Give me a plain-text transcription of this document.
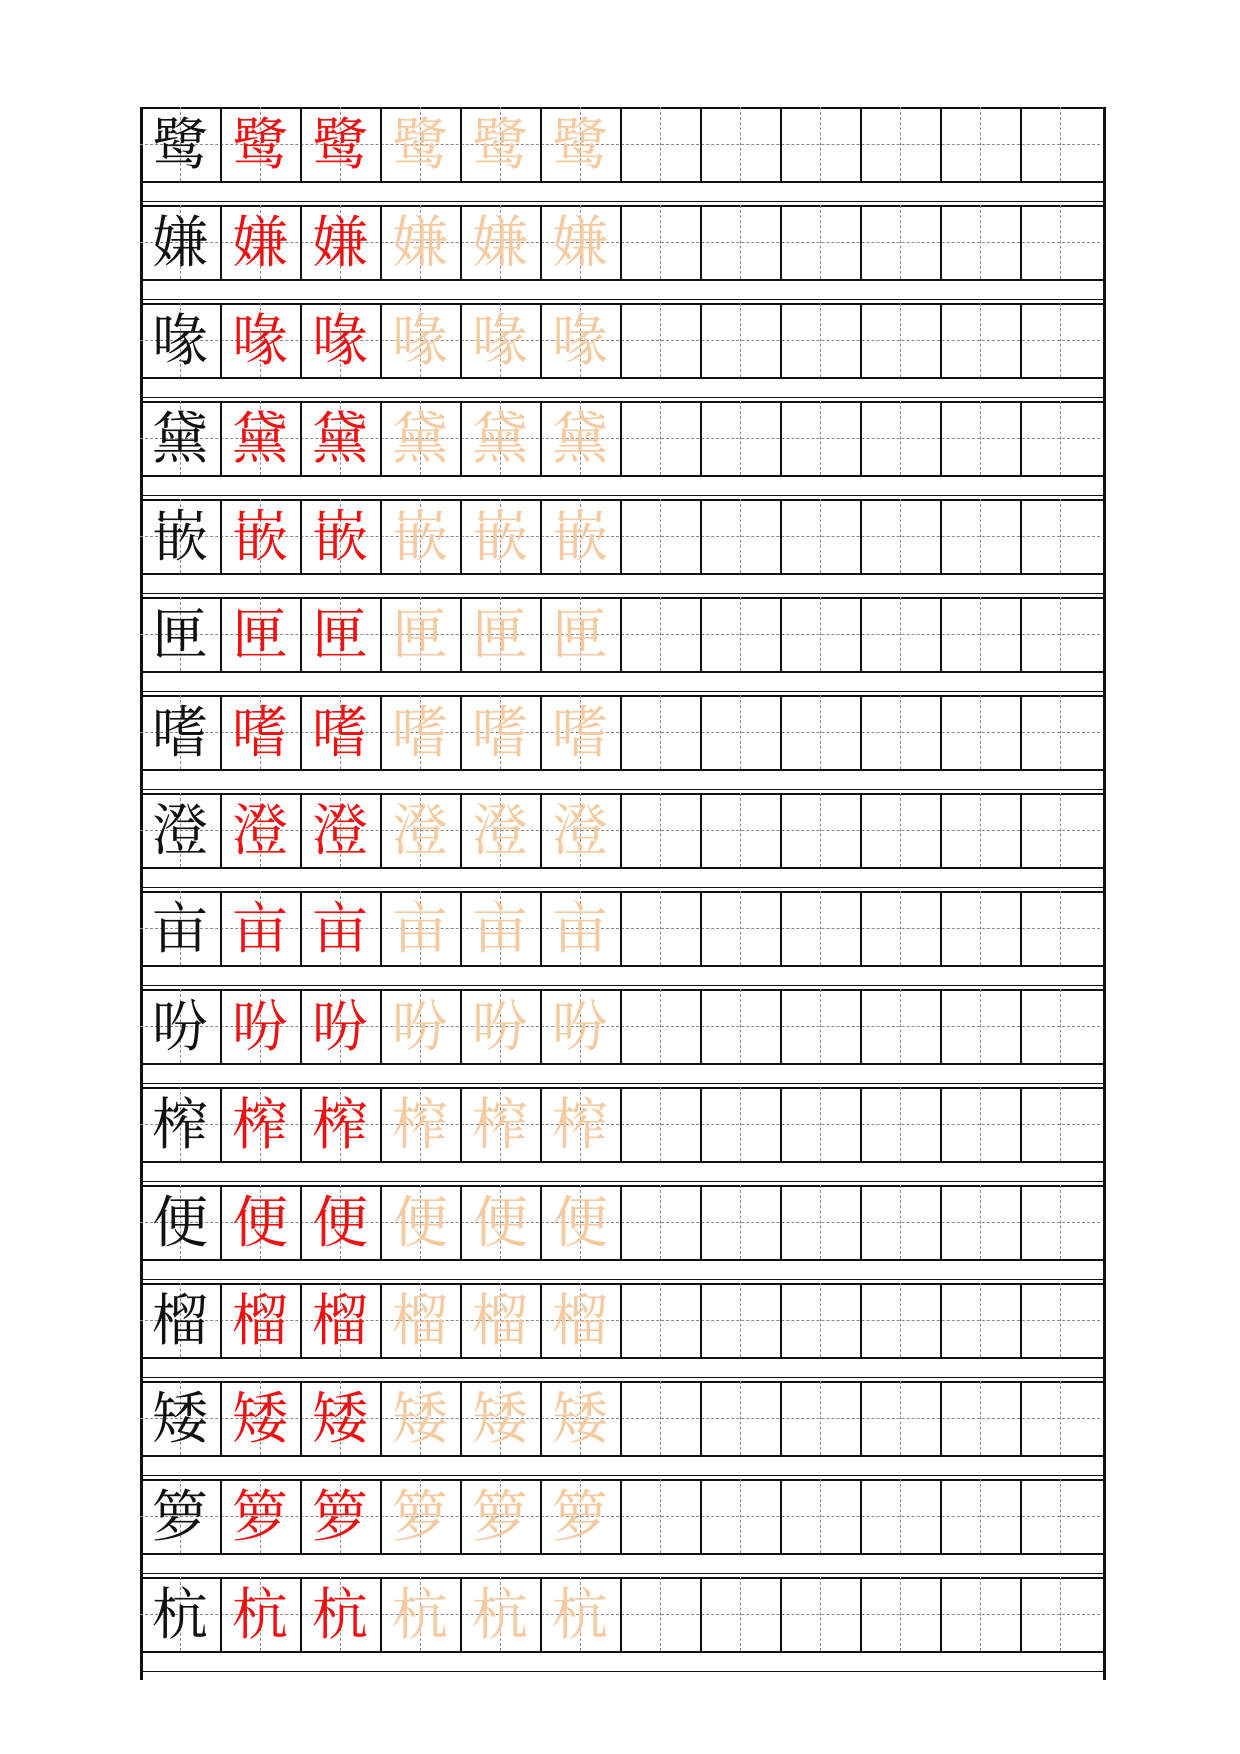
鹭 鹭 鹭 鹭 鹭 鹭
嫌 嫌 嫌 嫌 嫌 嫌
喙 喙 喙 喙 喙 喙
黛 黛 黛 黛 黛 黛
嵌 嵌 嵌 嵌 嵌 嵌
匣 匣 匣 匣 匣 匣
嗜 嗜 嗜 嗜 嗜 嗜
澄 澄 澄 澄 澄 澄
亩 亩 亩 亩 亩 亩
吩 吩 吩 吩 吩 吩
榨 榨 榨 榨 榨 榨
便 便 便 便 便 便
榴 榴 榴 榴 榴 榴
矮 矮 矮 矮 矮 矮
箩 箩 箩 箩 箩 箩
杭 杭 杭 杭 杭 杭
